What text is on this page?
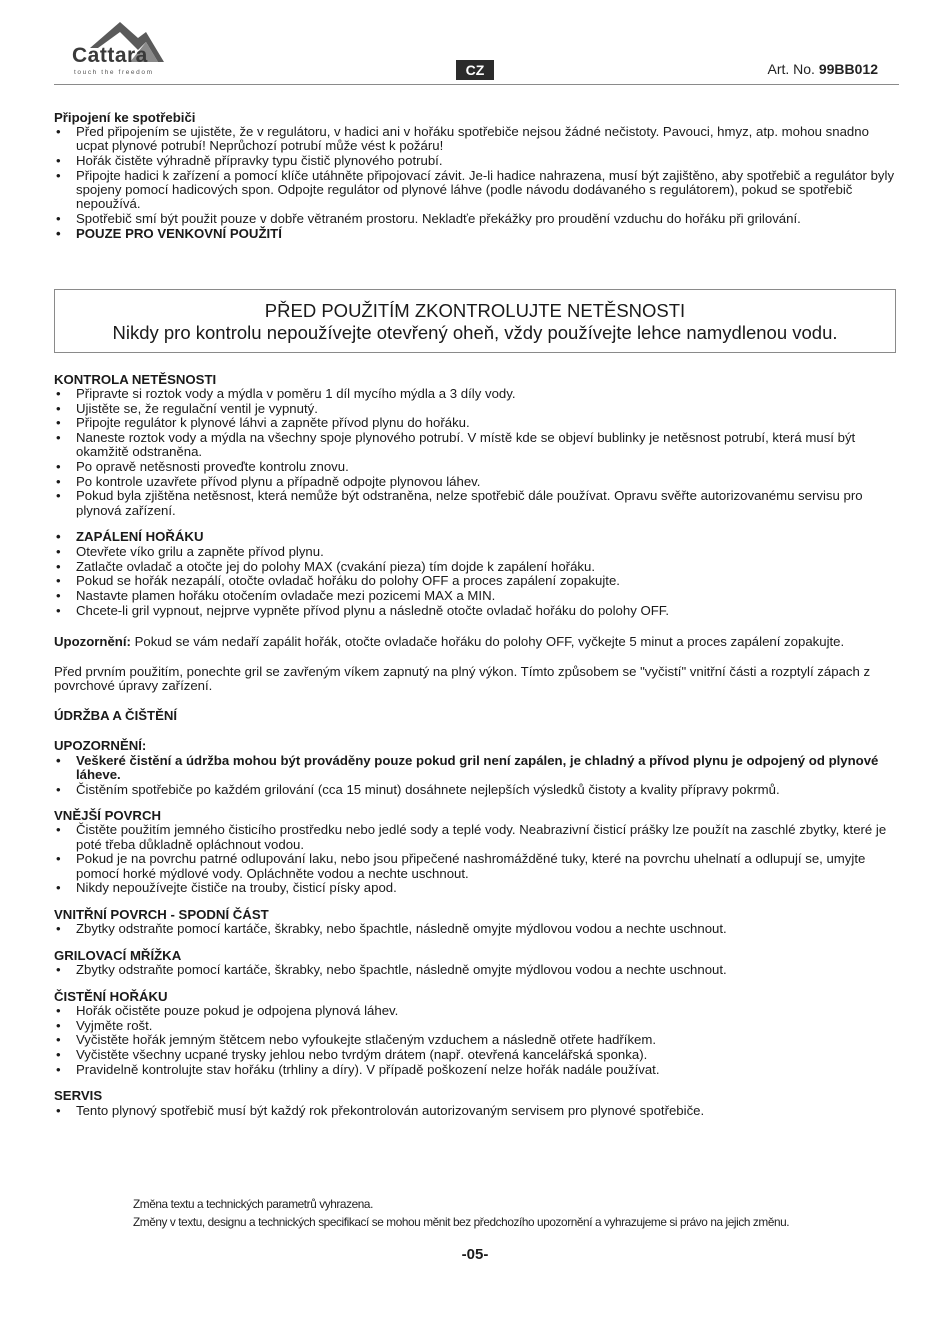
Cattara
touch the freedom	CZ	Art. No. 99BB012

Připojení ke spotřebiči

• Před připojením se ujistěte, že v regulátoru, v hadici ani v hořáku spotřebiče nejsou žádné nečistoty. Pavouci, hmyz, atp. mohou snadno ucpat plynové potrubí! Neprůchozí potrubí může vést k požáru!
• Hořák čistěte výhradně přípravky typu čistič plynového potrubí.
• Připojte hadici k zařízení a pomocí klíče utáhněte připojovací závit. Je-li hadice nahrazena, musí být zajištěno, aby spotřebič a regulátor byly spojeny pomocí hadicových spon. Odpojte regulátor od plynové láhve (podle návodu dodávaného s regulátorem), pokud se spotřebič nepoužívá.
• Spotřebič smí být použit pouze v dobře větraném prostoru. Nekladťe překážky pro proudění vzduchu do hořáku při grilování.
• POUZE PRO VENKOVNÍ POUŽITÍ
PŘED POUŽITÍM ZKONTROLUJTE NETĚSNOSTI
Nikdy pro kontrolu nepoužívejte otevřený oheň, vždy používejte lehce namydlenou vodu.

KONTROLA NETĚSNOSTI

• Připravte si roztok vody a mýdla v poměru 1 díl mycího mýdla a 3 díly vody.
• Ujistěte se, že regulační ventil je vypnutý.
• Připojte regulátor k plynové láhvi a zapněte přívod plynu do hořáku.
• Naneste roztok vody a mýdla na všechny spoje plynového potrubí. V místě kde se objeví bublinky je netěsnost potrubí, která musí být okamžitě odstraněna.
• Po opravě netěsnosti proveďte kontrolu znovu.
• Po kontrole uzavřete přívod plynu a případně odpojte plynovou láhev.
• Pokud byla zjištěna netěsnost, která nemůže být odstraněna, nelze spotřebič dále používat. Opravu svěřte autorizovanému servisu pro plynová zařízení.
• ZAPÁLENÍ HOŘÁKU
• Otevřete víko grilu a zapněte přívod plynu.
• Zatlačte ovladač a otočte jej do polohy MAX (cvakání pieza) tím dojde k zapálení hořáku.
• Pokud se hořák nezapálí, otočte ovladač hořáku do polohy OFF a proces zapálení zopakujte.
• Nastavte plamen hořáku otočením ovladače mezi pozicemi MAX a MIN.
• Chcete-li gril vypnout, nejprve vypněte přívod plynu a následně otočte ovladač hořáku do polohy OFF.

Upozornění: Pokud se vám nedaří zapálit hořák, otočte ovladače hořáku do polohy OFF, vyčkejte 5 minut a proces zapálení zopakujte.

Před prvním použitím, ponechte gril se zavřeným víkem zapnutý na plný výkon. Tímto způsobem se "vyčistí" vnitřní části a rozptylí zápach z povrchové úpravy zařízení.

ÚDRŽBA A ČIŠTĚNÍ

UPOZORNĚNÍ:

• Veškeré čistění a údržba mohou být prováděny pouze pokud gril není zapálen, je chladný a přívod plynu je odpojený od plynové láheve.
• Čistěním spotřebiče po každém grilování (cca 15 minut) dosáhnete nejlepších výsledků čistoty a kvality přípravy pokrmů.

VNĚJŠÍ POVRCH

• Čistěte použitím jemného čisticího prostředku nebo jedlé sody a teplé vody. Neabrazivní čisticí prášky lze použít na zaschlé zbytky, které je poté třeba důkladně opláchnout vodou.
• Pokud je na povrchu patrné odlupování laku, nebo jsou připečené nashromážděné tuky, které na povrchu uhelnatí a odlupují se, umyjte pomocí horké mýdlové vody. Opláchněte vodou a nechte uschnout.
• Nikdy nepoužívejte čističe na trouby, čisticí písky apod.

VNITŘNÍ POVRCH - SPODNÍ ČÁST

• Zbytky odstraňte pomocí kartáče, škrabky, nebo špachtle, následně omyjte mýdlovou vodou a nechte uschnout.

GRILOVACÍ MŘÍŽKA

• Zbytky odstraňte pomocí kartáče, škrabky, nebo špachtle, následně omyjte mýdlovou vodou a nechte uschnout.

ČISTĚNÍ HOŘÁKU

• Hořák očistěte pouze pokud je odpojena plynová láhev.
• Vyjměte rošt.
• Vyčistěte hořák jemným štětcem nebo vyfoukejte stlačeným vzduchem a následně otřete hadříkem.
• Vyčistěte všechny ucpané trysky jehlou nebo tvrdým drátem (např. otevřená kancelářská sponka).
• Pravidelně kontrolujte stav hořáku (trhliny a díry). V případě poškození nelze hořák nadále používat.

SERVIS

• Tento plynový spotřebič musí být každý rok překontrolován autorizovaným servisem pro plynové spotřebiče.
Změna textu a technických parametrů vyhrazena.
Změny v textu, designu a technických specifikací se mohou měnit bez předchozího upozornění a vyhrazujeme si právo na jejich změnu.
-05-
